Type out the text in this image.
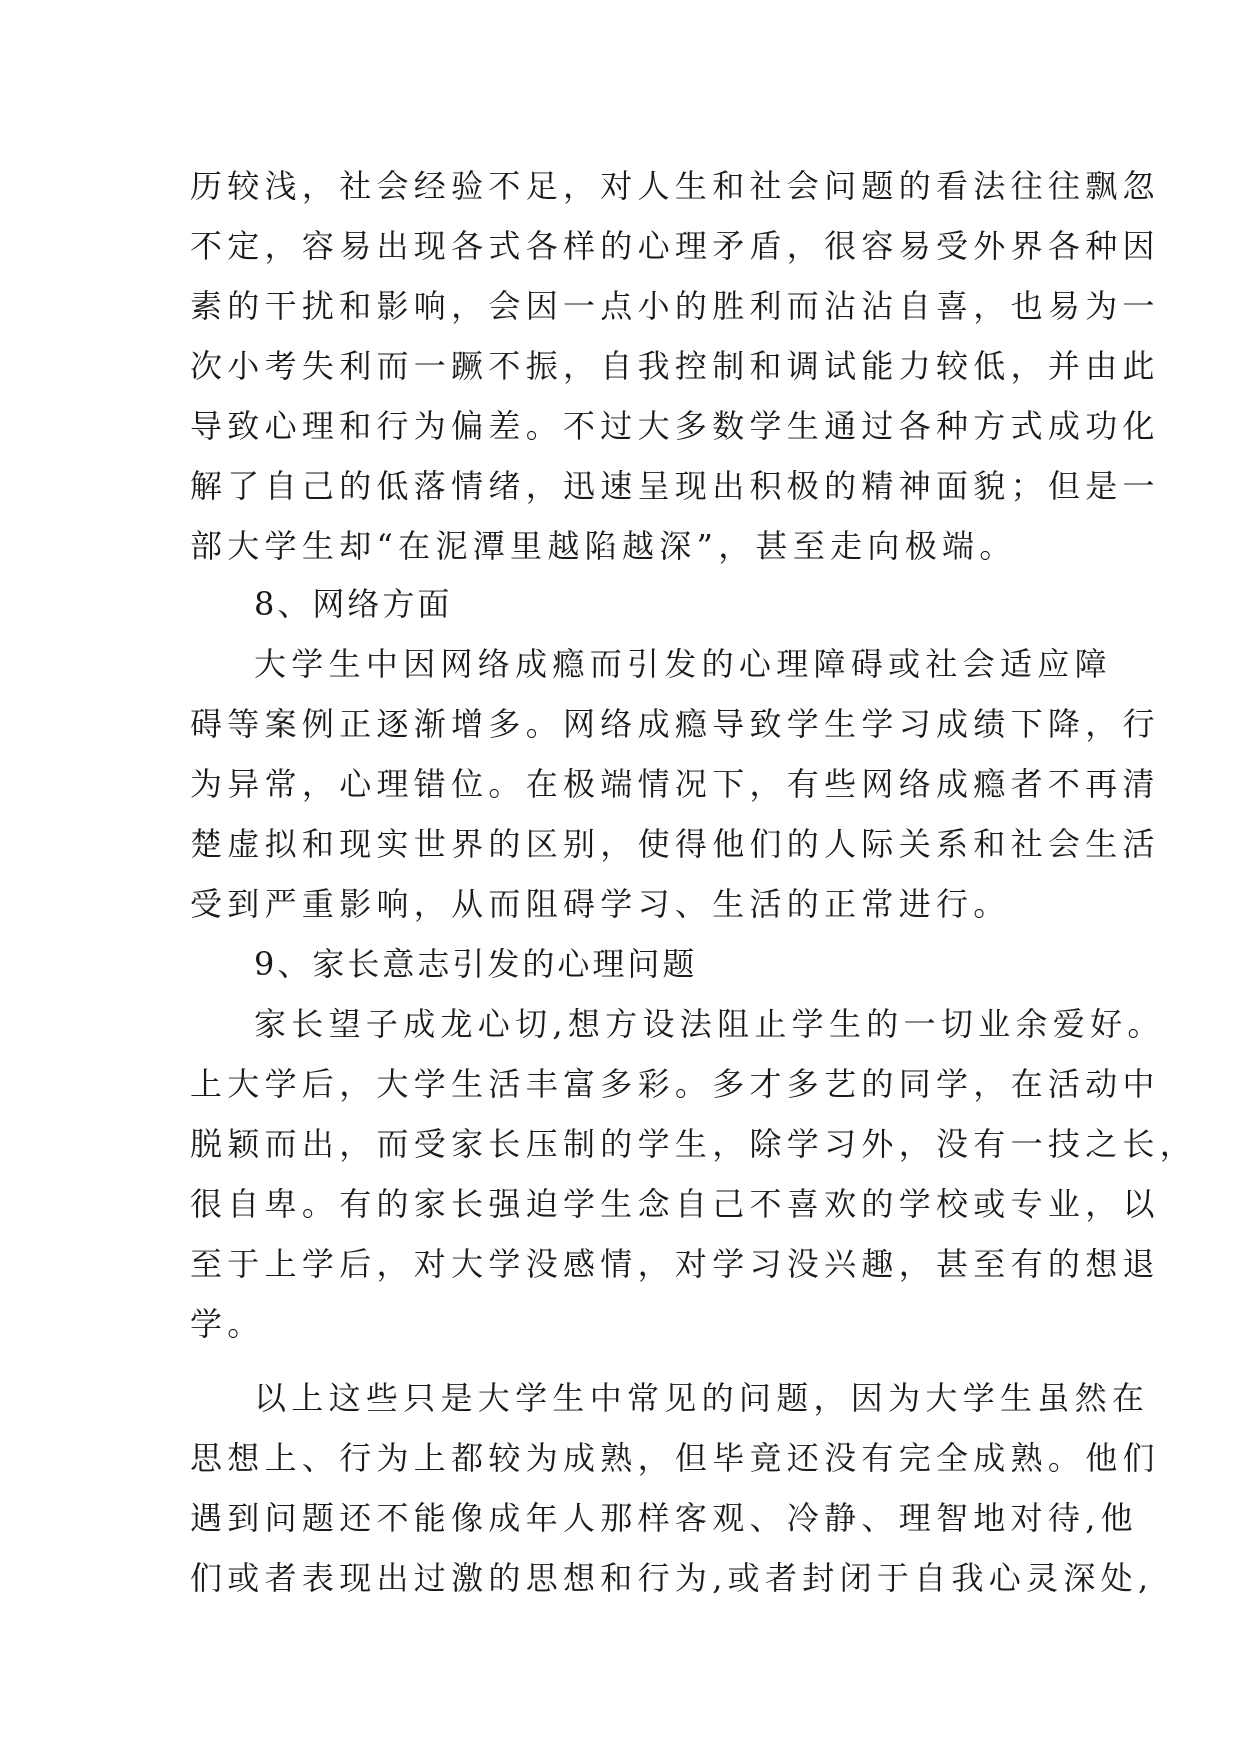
历较浅，社会经验不足，对人生和社会问题的看法往往飘忽
不定，容易出现各式各样的心理矛盾，很容易受外界各种因
素的干扰和影响，会因一点小的胜利而沾沾自喜，也易为一
次小考失利而一蹶不振，自我控制和调试能力较低，并由此
导致心理和行为偏差。不过大多数学生通过各种方式成功化
解了自己的低落情绪，迅速呈现出积极的精神面貌；但是一
部大学生却“在泥潭里越陷越深”，甚至走向极端。
8、网络方面
大学生中因网络成瘾而引发的心理障碍或社会适应障
碍等案例正逐渐增多。网络成瘾导致学生学习成绩下降，行
为异常，心理错位。在极端情况下，有些网络成瘾者不再清
楚虚拟和现实世界的区别，使得他们的人际关系和社会生活
受到严重影响，从而阻碍学习、生活的正常进行。
9、家长意志引发的心理问题
家长望子成龙心切,想方设法阻止学生的一切业余爱好。
上大学后，大学生活丰富多彩。多才多艺的同学，在活动中
脱颖而出，而受家长压制的学生，除学习外，没有一技之长，
很自卑。有的家长强迫学生念自己不喜欢的学校或专业，以
至于上学后，对大学没感情，对学习没兴趣，甚至有的想退
学。
以上这些只是大学生中常见的问题，因为大学生虽然在
思想上、行为上都较为成熟，但毕竟还没有完全成熟。他们
遇到问题还不能像成年人那样客观、冷静、理智地对待,他
们或者表现出过激的思想和行为,或者封闭于自我心灵深处,
